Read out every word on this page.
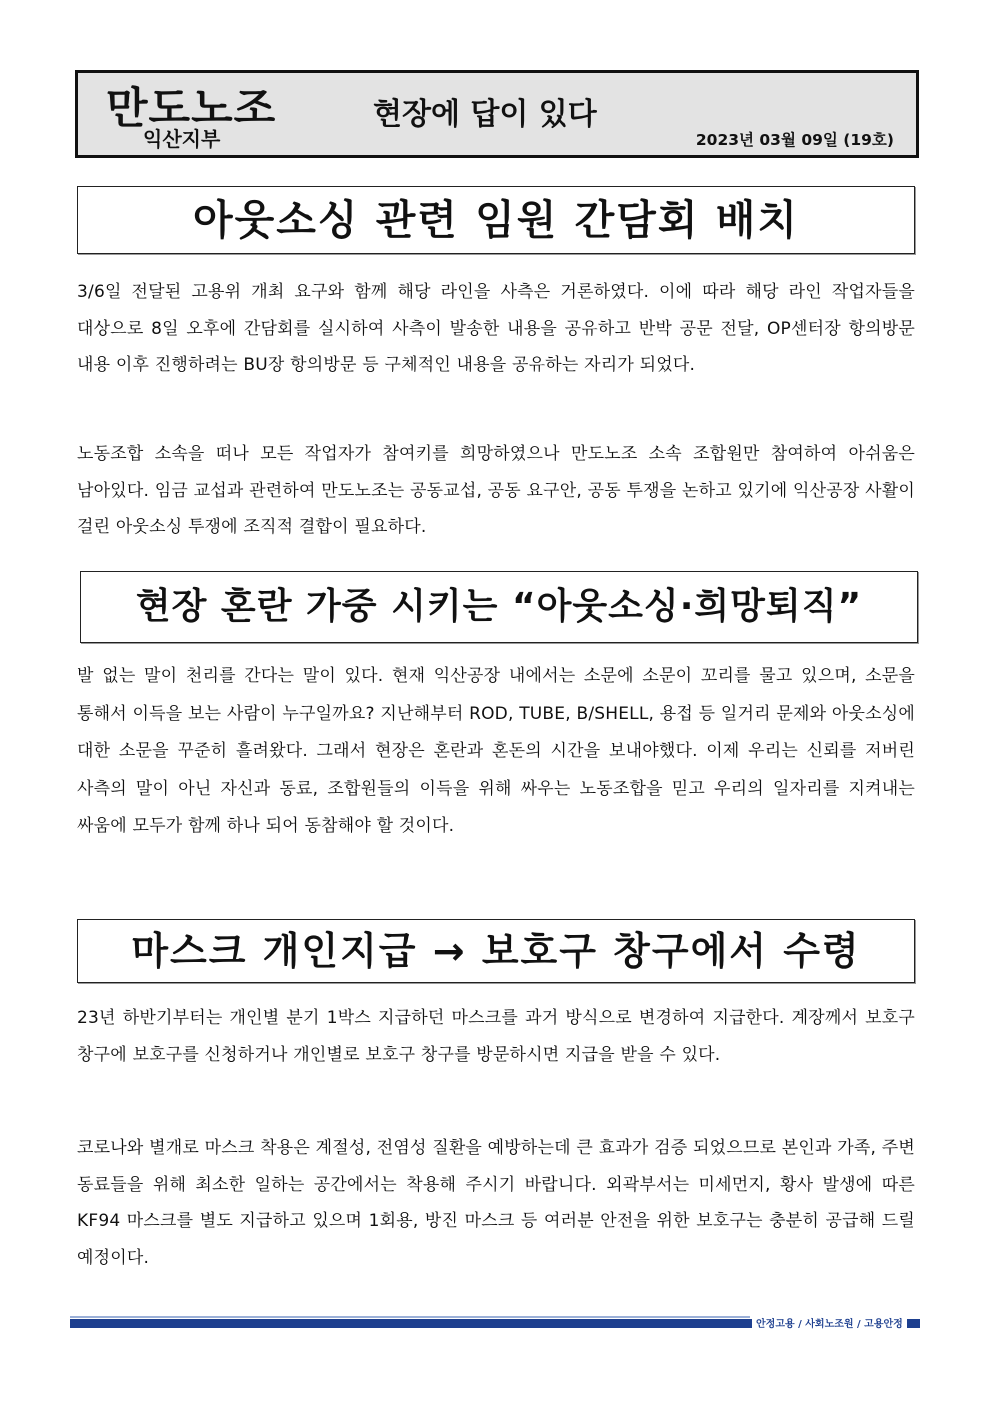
만도노조
익산지부
현장에 답이 있다
2023년 03월 09일 (19호)
아웃소싱 관련 임원 간담회 배치

3/6일 전달된 고용위 개최 요구와 함께 해당 라인을 사측은 거론하였다. 이에 따라 해당 라인 작업자들을 대상으로 8일 오후에 간담회를 실시하여 사측이 발송한 내용을 공유하고 반박 공문 전달, OP센터장 항의방문 내용 이후 진행하려는 BU장 항의방문 등 구체적인 내용을 공유하는 자리가 되었다.

노동조합 소속을 떠나 모든 작업자가 참여키를 희망하였으나 만도노조 소속 조합원만 참여하여 아쉬움은 남아있다. 임금 교섭과 관련하여 만도노조는 공동교섭, 공동 요구안, 공동 투쟁을 논하고 있기에 익산공장 사활이 걸린 아웃소싱 투쟁에 조직적 결합이 필요하다.

현장 혼란 가중 시키는 “아웃소싱·희망퇴직”

발 없는 말이 천리를 간다는 말이 있다. 현재 익산공장 내에서는 소문에 소문이 꼬리를 물고 있으며, 소문을 통해서 이득을 보는 사람이 누구일까요? 지난해부터 ROD, TUBE, B/SHELL, 용접 등 일거리 문제와 아웃소싱에 대한 소문을 꾸준히 흘려왔다. 그래서 현장은 혼란과 혼돈의 시간을 보내야했다. 이제 우리는 신뢰를 저버린 사측의 말이 아닌 자신과 동료, 조합원들의 이득을 위해 싸우는 노동조합을 믿고 우리의 일자리를 지켜내는 싸움에 모두가 함께 하나 되어 동참해야 할 것이다.

마스크 개인지급 → 보호구 창구에서 수령

23년 하반기부터는 개인별 분기 1박스 지급하던 마스크를 과거 방식으로 변경하여 지급한다. 계장께서 보호구 창구에 보호구를 신청하거나 개인별로 보호구 창구를 방문하시면 지급을 받을 수 있다.

코로나와 별개로 마스크 착용은 계절성, 전염성 질환을 예방하는데 큰 효과가 검증 되었으므로 본인과 가족, 주변 동료들을 위해 최소한 일하는 공간에서는 착용해 주시기 바랍니다. 외곽부서는 미세먼지, 황사 발생에 따른 KF94 마스크를 별도 지급하고 있으며 1회용, 방진 마스크 등 여러분 안전을 위한 보호구는 충분히 공급해 드릴 예정이다.

안정고용 / 사회노조원 / 고용안정
